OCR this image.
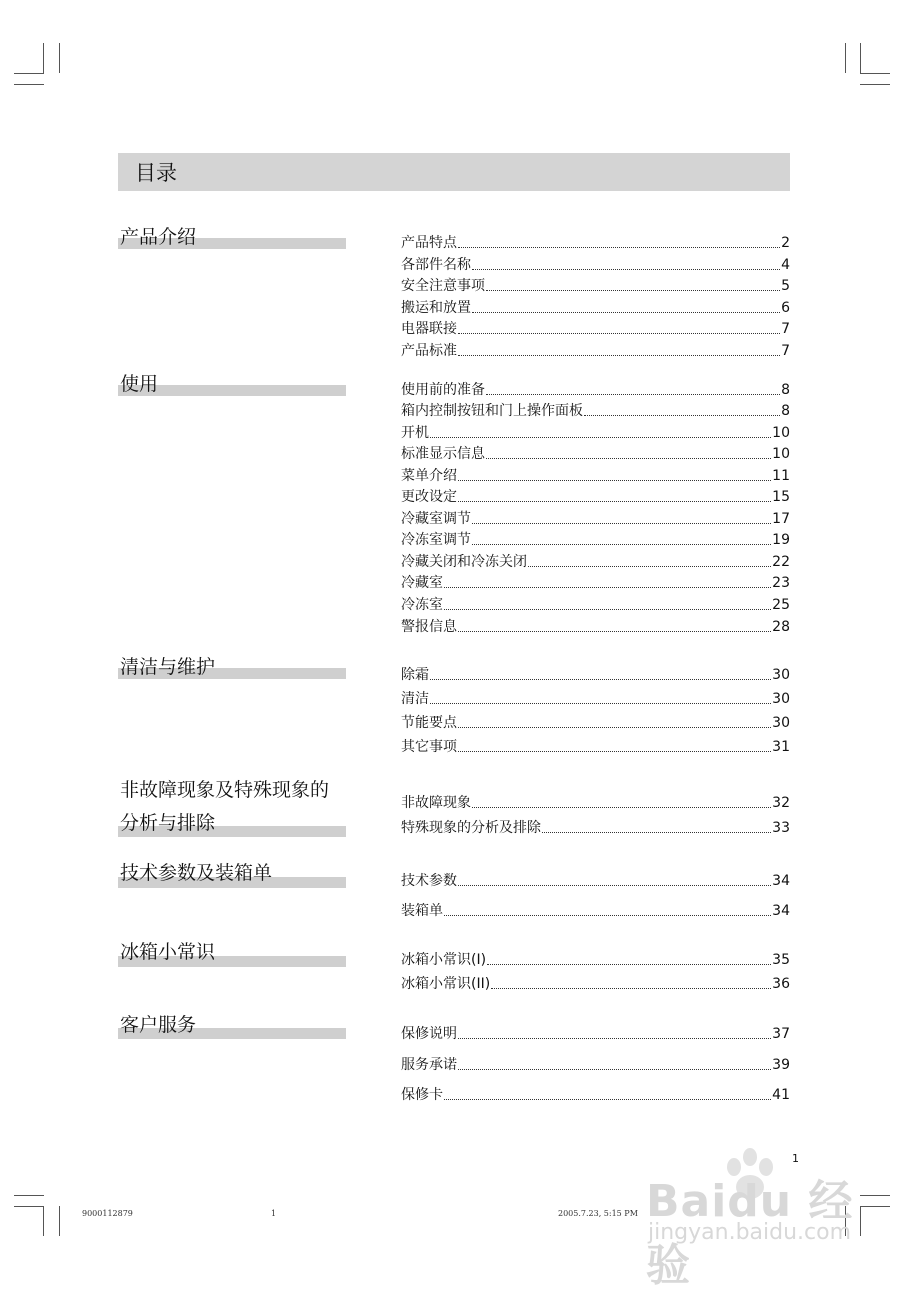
目录
产品介绍	产品特点	2
各部件名称	4
安全注意事项	5
搬运和放置	6
电器联接	7
产品标准	7
使用	使用前的准备	8
箱内控制按钮和门上操作面板	8
开机	10
标准显示信息	10
菜单介绍	11
更改设定	15
冷藏室调节	17
冷冻室调节	19
冷藏关闭和冷冻关闭	22
冷藏室	23
冷冻室	25
警报信息	28
清洁与维护	除霜	30
清洁	30
节能要点	30
其它事项	31
非故障现象及特殊现象的
分析与排除
非故障现象	32
特殊现象的分析及排除	33
技术参数及装箱单	技术参数	34
装箱单	34
冰箱小常识	冰箱小常识(I)	35
冰箱小常识(II)	36
客户服务	保修说明	37
服务承诺	39
保修卡	41
1
9000112879	1	2005.7.23, 5:15 PM Baidu 经验
jingyan.baidu.com
